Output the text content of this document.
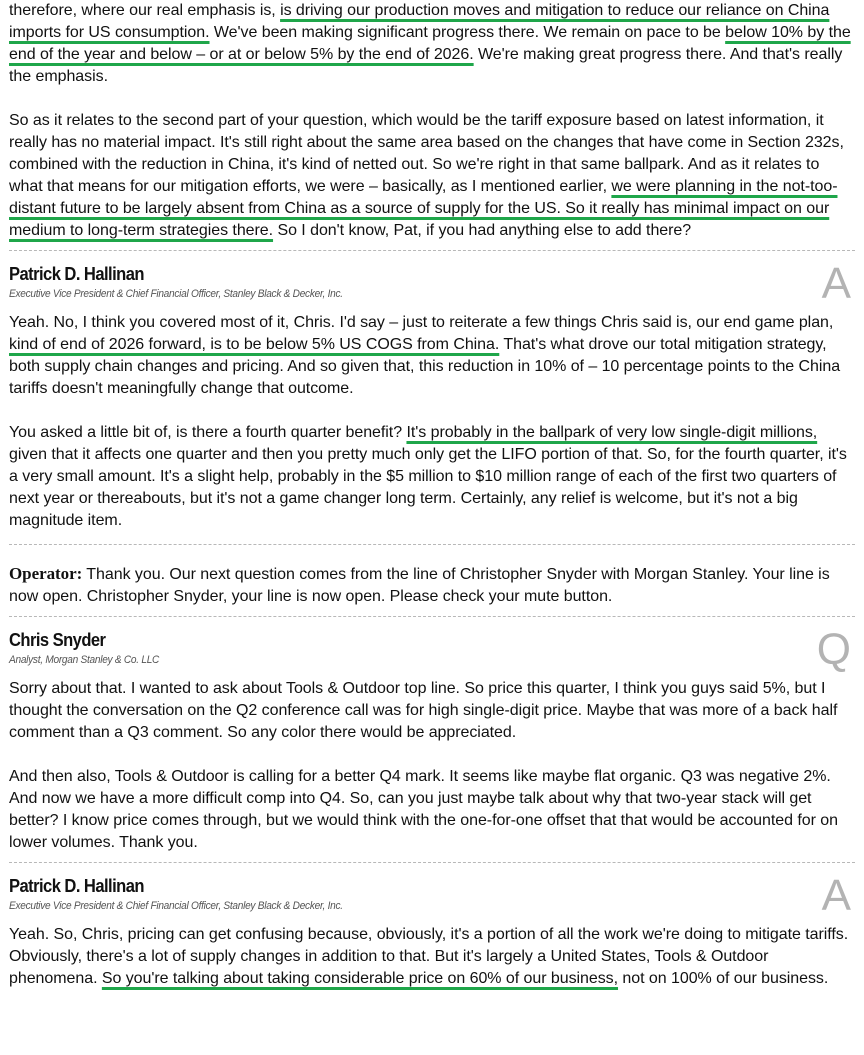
therefore, where our real emphasis is, is driving our production moves and mitigation to reduce our reliance on China imports for US consumption. We've been making significant progress there. We remain on pace to be below 10% by the end of the year and below – or at or below 5% by the end of 2026. We're making great progress there. And that's really the emphasis.

So as it relates to the second part of your question, which would be the tariff exposure based on latest information, it really has no material impact. It's still right about the same area based on the changes that have come in Section 232s, combined with the reduction in China, it's kind of netted out. So we're right in that same ballpark. And as it relates to what that means for our mitigation efforts, we were – basically, as I mentioned earlier, we were planning in the not-too-distant future to be largely absent from China as a source of supply for the US. So it really has minimal impact on our medium to long-term strategies there. So I don't know, Pat, if you had anything else to add there?

Patrick D. Hallinan
Executive Vice President & Chief Financial Officer, Stanley Black & Decker, Inc.	A

Yeah. No, I think you covered most of it, Chris. I'd say – just to reiterate a few things Chris said is, our end game plan, kind of end of 2026 forward, is to be below 5% US COGS from China. That's what drove our total mitigation strategy, both supply chain changes and pricing. And so given that, this reduction in 10% of – 10 percentage points to the China tariffs doesn't meaningfully change that outcome.

You asked a little bit of, is there a fourth quarter benefit? It's probably in the ballpark of very low single-digit millions, given that it affects one quarter and then you pretty much only get the LIFO portion of that. So, for the fourth quarter, it's a very small amount. It's a slight help, probably in the $5 million to $10 million range of each of the first two quarters of next year or thereabouts, but it's not a game changer long term. Certainly, any relief is welcome, but it's not a big magnitude item.

Operator: Thank you. Our next question comes from the line of Christopher Snyder with Morgan Stanley. Your line is now open. Christopher Snyder, your line is now open. Please check your mute button.

Chris Snyder
Analyst, Morgan Stanley & Co. LLC	Q

Sorry about that. I wanted to ask about Tools & Outdoor top line. So price this quarter, I think you guys said 5%, but I thought the conversation on the Q2 conference call was for high single-digit price. Maybe that was more of a back half comment than a Q3 comment. So any color there would be appreciated.

And then also, Tools & Outdoor is calling for a better Q4 mark. It seems like maybe flat organic. Q3 was negative 2%. And now we have a more difficult comp into Q4. So, can you just maybe talk about why that two-year stack will get better? I know price comes through, but we would think with the one-for-one offset that that would be accounted for on lower volumes. Thank you.

Patrick D. Hallinan
Executive Vice President & Chief Financial Officer, Stanley Black & Decker, Inc.	A

Yeah. So, Chris, pricing can get confusing because, obviously, it's a portion of all the work we're doing to mitigate tariffs. Obviously, there's a lot of supply changes in addition to that. But it's largely a United States, Tools & Outdoor phenomena. So you're talking about taking considerable price on 60% of our business, not on 100% of our business.
